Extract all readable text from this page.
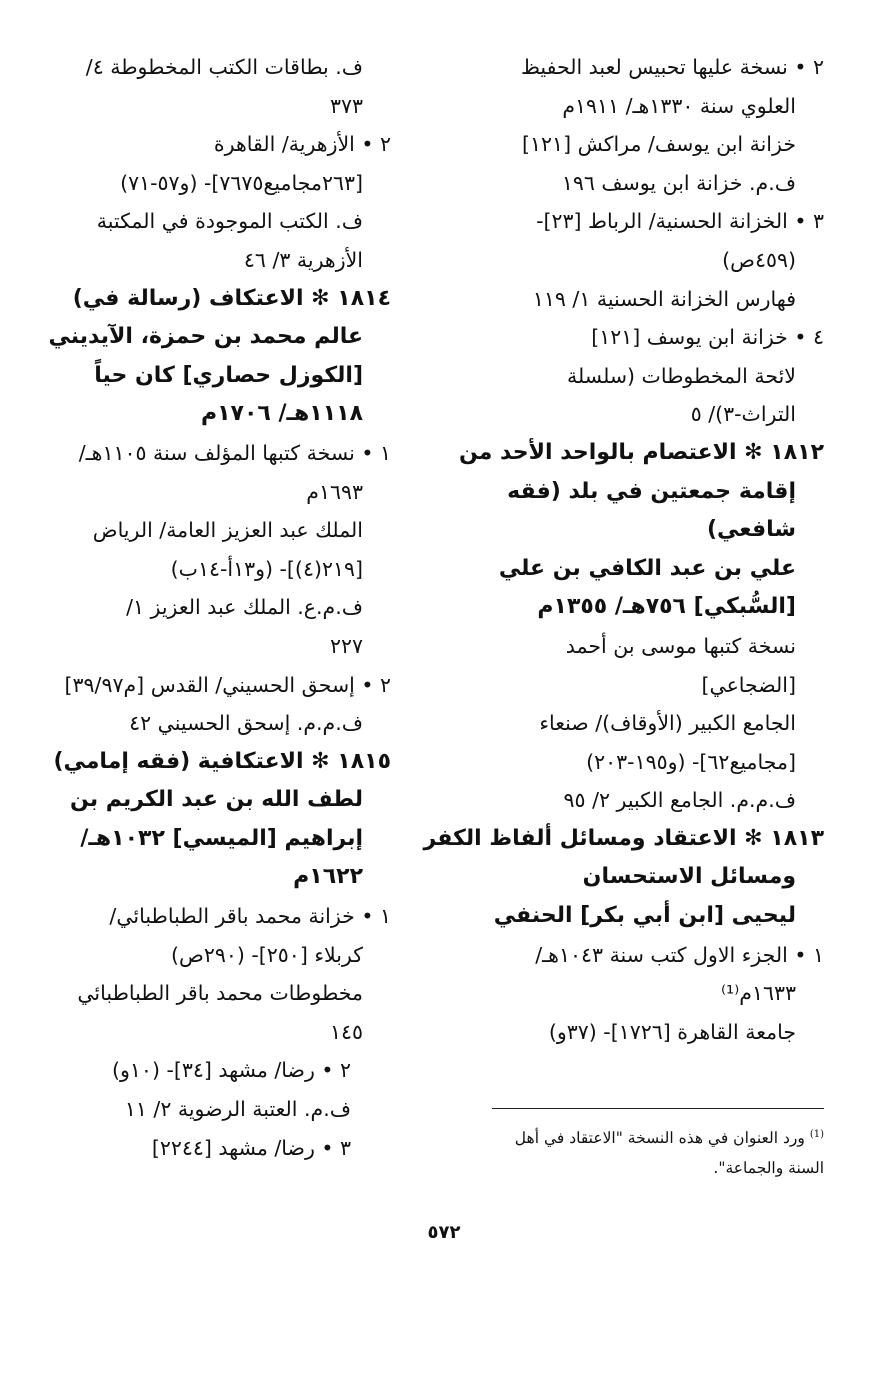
٢ • نسخة عليها تحبيس لعبد الحفيظ
العلوي سنة ١٣٣٠هـ/ ١٩١١م
خزانة ابن يوسف/ مراكش [١٢١]
ف.م. خزانة ابن يوسف ١٩٦
٣ • الخزانة الحسنية/ الرباط [٢٣]-
(٤٥٩ص)
فهارس الخزانة الحسنية ١/ ١١٩
٤ • خزانة ابن يوسف [١٢١]
لائحة المخطوطات (سلسلة
التراث-٣)/ ٥
١٨١٢ ✻ الاعتصام بالواحد الأحد من
إقامة جمعتين في بلد (فقه
شافعي)
علي بن عبد الكافي بن علي
[السُّبكي] ٧٥٦هـ/ ١٣٥٥م
نسخة كتبها موسى بن أحمد
[الضجاعي]
الجامع الكبير (الأوقاف)/ صنعاء
[مجاميع٦٢]- (و١٩٥-٢٠٣)
ف.م.م. الجامع الكبير ٢/ ٩٥
١٨١٣ ✻ الاعتقاد ومسائل ألفاظ الكفر
ومسائل الاستحسان
ليحيى [ابن أبي بكر] الحنفي
١ • الجزء الاول كتب سنة ١٠٤٣هـ/
١٦٣٣م⁽¹⁾
جامعة القاهرة [١٧٢٦]- (٣٧و)
ف. بطاقات الكتب المخطوطة ٤/
٣٧٣
٢ • الأزهرية/ القاهرة
[٢٦٣مجاميع٧٦٧٥]- (و٥٧-٧١)
ف. الكتب الموجودة في المكتبة
الأزهرية ٣/ ٤٦
١٨١٤ ✻ الاعتكاف (رسالة في)
عالم محمد بن حمزة، الآيديني
[الكوزل حصاري] كان حياً
١١١٨هـ/ ١٧٠٦م
١ • نسخة كتبها المؤلف سنة ١١٠٥هـ/
١٦٩٣م
الملك عبد العزيز العامة/ الرياض
[٢١٩(٤)]- (و١٣أ-١٤ب)
ف.م.ع. الملك عبد العزيز ١/
٢٢٧
٢ • إسحق الحسيني/ القدس [م٣٩/٩٧]
ف.م.م. إسحق الحسيني ٤٢
١٨١٥ ✻ الاعتكافية (فقه إمامي)
لطف الله بن عبد الكريم بن
إبراهيم [الميسي] ١٠٣٢هـ/
١٦٢٢م
١ • خزانة محمد باقر الطباطبائي/
كربلاء [٢٥٠]- (٢٩٠ص)
مخطوطات محمد باقر الطباطبائي
١٤٥
٢ • رضا/ مشهد [٣٤]- (١٠و)
ف.م. العتبة الرضوية ٢/ ١١
٣ • رضا/ مشهد [٢٢٤٤]
$^{(1)}$ ورد العنوان في هذه النسخة "الاعتقاد في أهل السنة والجماعة".
٥٧٢
